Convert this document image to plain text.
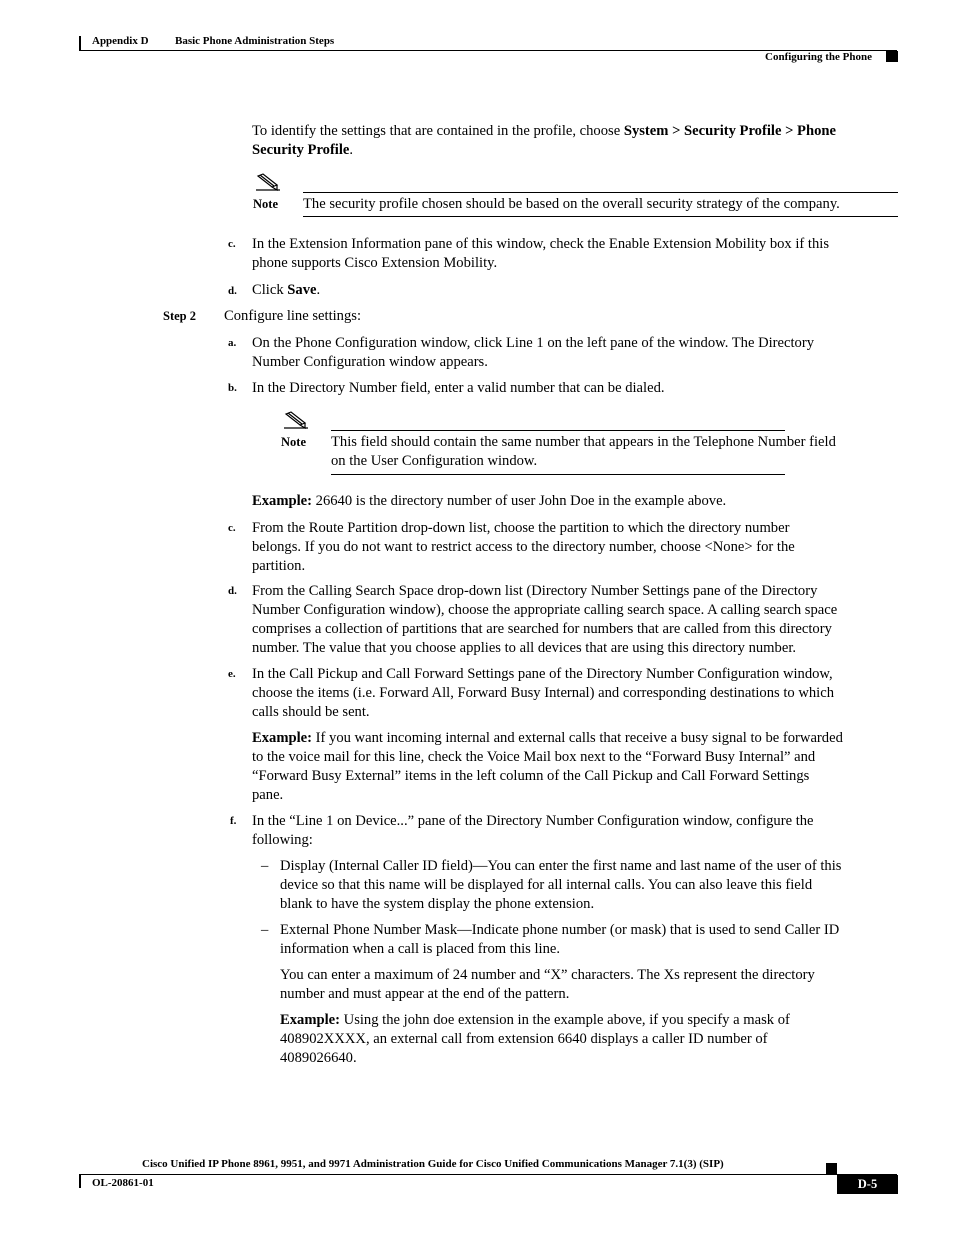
Appendix D Basic Phone Administration Steps
Configuring the Phone
To identify the settings that are contained in the profile, choose System > Security Profile > Phone
Security Profile.
Note The security profile chosen should be based on the overall security strategy of the company.
c. In the Extension Information pane of this window, check the Enable Extension Mobility box if this
phone supports Cisco Extension Mobility.
d. Click Save.
Step 2 Configure line settings:
a. On the Phone Configuration window, click Line 1 on the left pane of the window. The Directory
Number Configuration window appears.
b. In the Directory Number field, enter a valid number that can be dialed.
Note This field should contain the same number that appears in the Telephone Number field
on the User Configuration window.
Example: 26640 is the directory number of user John Doe in the example above.
c. From the Route Partition drop-down list, choose the partition to which the directory number
belongs. If you do not want to restrict access to the directory number, choose <None> for the
partition.
d. From the Calling Search Space drop-down list (Directory Number Settings pane of the Directory
Number Configuration window), choose the appropriate calling search space. A calling search space
comprises a collection of partitions that are searched for numbers that are called from this directory
number. The value that you choose applies to all devices that are using this directory number.
e. In the Call Pickup and Call Forward Settings pane of the Directory Number Configuration window,
choose the items (i.e. Forward All, Forward Busy Internal) and corresponding destinations to which
calls should be sent.
Example: If you want incoming internal and external calls that receive a busy signal to be forwarded
to the voice mail for this line, check the Voice Mail box next to the “Forward Busy Internal” and
“Forward Busy External” items in the left column of the Call Pickup and Call Forward Settings
pane.
f. In the “Line 1 on Device...” pane of the Directory Number Configuration window, configure the
following:
– Display (Internal Caller ID field)—You can enter the first name and last name of the user of this
device so that this name will be displayed for all internal calls. You can also leave this field
blank to have the system display the phone extension.
– External Phone Number Mask—Indicate phone number (or mask) that is used to send Caller ID
information when a call is placed from this line.
You can enter a maximum of 24 number and “X” characters. The Xs represent the directory
number and must appear at the end of the pattern.
Example: Using the john doe extension in the example above, if you specify a mask of
408902XXXX, an external call from extension 6640 displays a caller ID number of
4089026640.
Cisco Unified IP Phone 8961, 9951, and 9971 Administration Guide for Cisco Unified Communications Manager 7.1(3) (SIP)
OL-20861-01	D-5
